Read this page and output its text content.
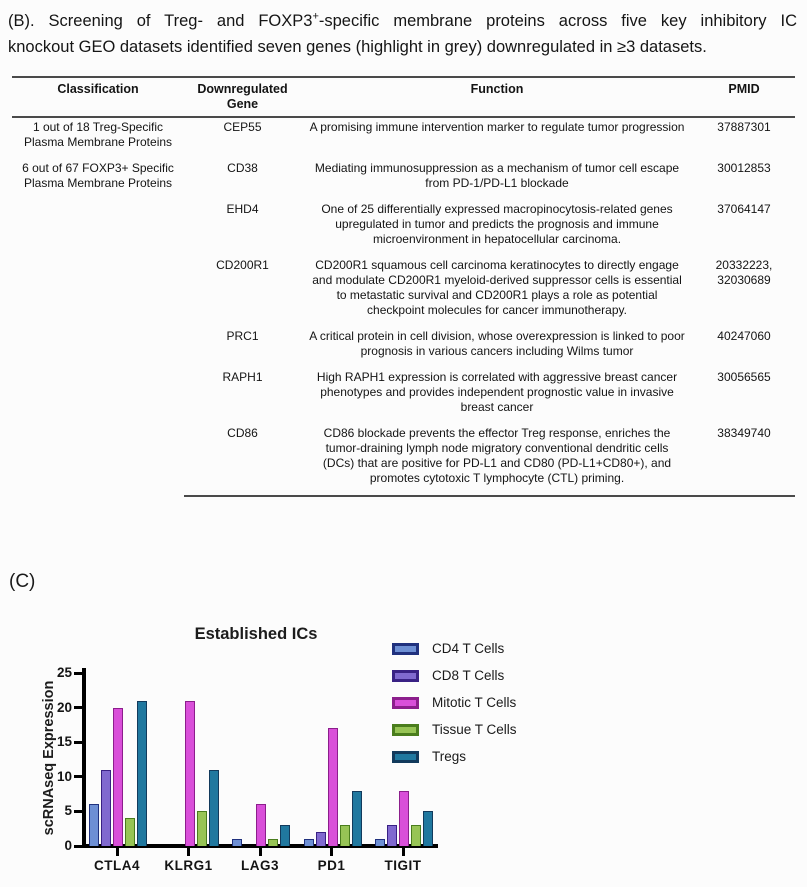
(B). Screening of Treg- and FOXP3+-specific membrane proteins across five key inhibitory IC
knockout GEO datasets identified seven genes (highlight in grey) downregulated in ≥3 datasets.
Classification	Downregulated Gene	Function	PMID
1 out of 18 Treg-Specific Plasma Membrane Proteins	CEP55	A promising immune intervention marker to regulate tumor progression	37887301
6 out of 67 FOXP3+ Specific Plasma Membrane Proteins	CD38	Mediating immunosuppression as a mechanism of tumor cell escape from PD-1/PD-L1 blockade	30012853
	EHD4	One of 25 differentially expressed macropinocytosis-related genes upregulated in tumor and predicts the prognosis and immune microenvironment in hepatocellular carcinoma.	37064147
	CD200R1	CD200R1 squamous cell carcinoma keratinocytes to directly engage and modulate CD200R1 myeloid-derived suppressor cells is essential to metastatic survival and CD200R1 plays a role as potential checkpoint molecules for cancer immunotherapy.	20332223, 32030689
	PRC1	A critical protein in cell division, whose overexpression is linked to poor prognosis in various cancers including Wilms tumor	40247060
	RAPH1	High RAPH1 expression is correlated with aggressive breast cancer phenotypes and provides independent prognostic value in invasive breast cancer	30056565
	CD86	CD86 blockade prevents the effector Treg response, enriches the tumor-draining lymph node migratory conventional dendritic cells (DCs) that are positive for PD-L1 and CD80 (PD-L1+CD80+), and promotes cytotoxic T lymphocyte (CTL) priming.	38349740
(C)
Established ICs
scRNAseq Expression
CD4 T Cells
CD8 T Cells
Mitotic T Cells
Tissue T Cells
Tregs
0
5
10
15
20
25
CTLA4	KLRG1	LAG3	PD1	TIGIT
